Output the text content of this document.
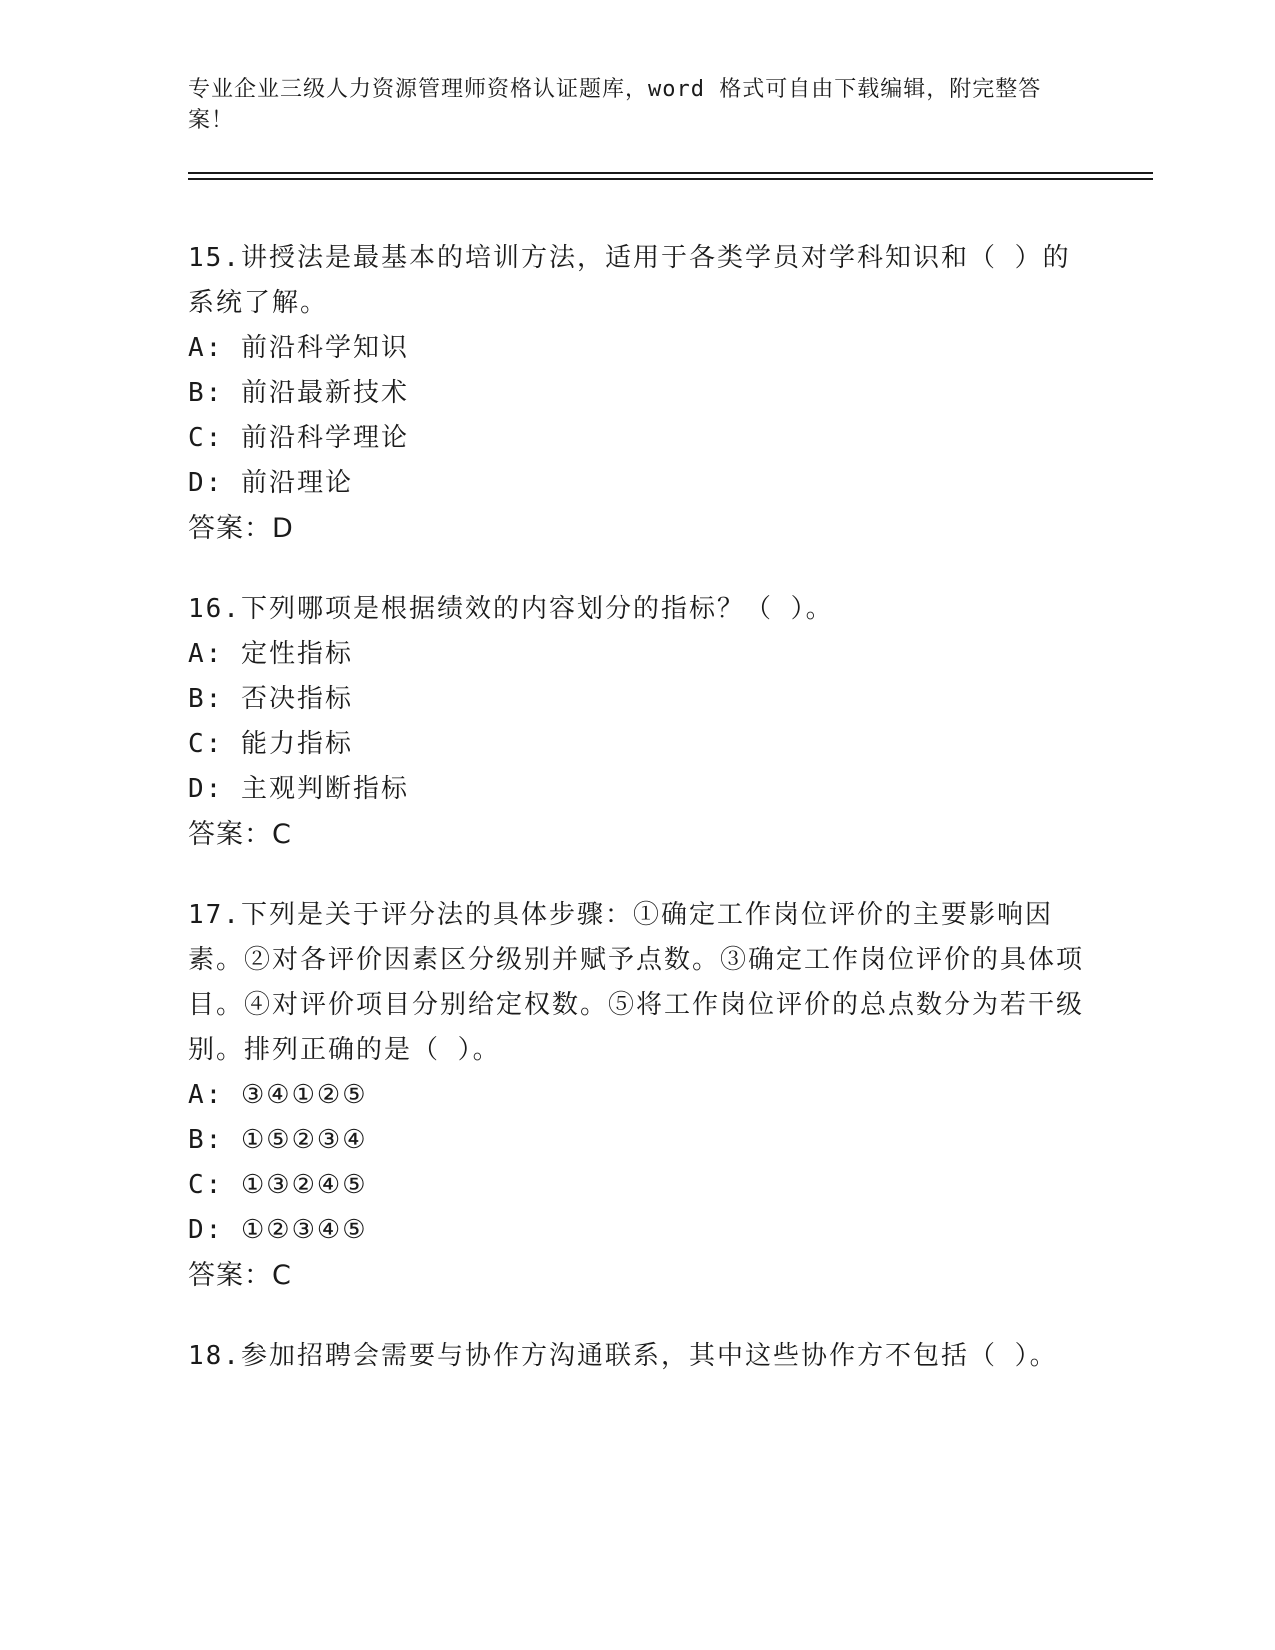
专业企业三级人力资源管理师资格认证题库，word 格式可自由下载编辑，附完整答案！
15.讲授法是最基本的培训方法，适用于各类学员对学科知识和（ ）的系统了解。
A: 前沿科学知识
B: 前沿最新技术
C: 前沿科学理论
D: 前沿理论
答案：D
16.下列哪项是根据绩效的内容划分的指标？（ ）。
A: 定性指标
B: 否决指标
C: 能力指标
D: 主观判断指标
答案：C
17.下列是关于评分法的具体步骤：①确定工作岗位评价的主要影响因素。②对各评价因素区分级别并赋予点数。③确定工作岗位评价的具体项目。④对评价项目分别给定权数。⑤将工作岗位评价的总点数分为若干级别。排列正确的是（ ）。
A: ③④①②⑤
B: ①⑤②③④
C: ①③②④⑤
D: ①②③④⑤
答案：C
18.参加招聘会需要与协作方沟通联系，其中这些协作方不包括（ ）。
